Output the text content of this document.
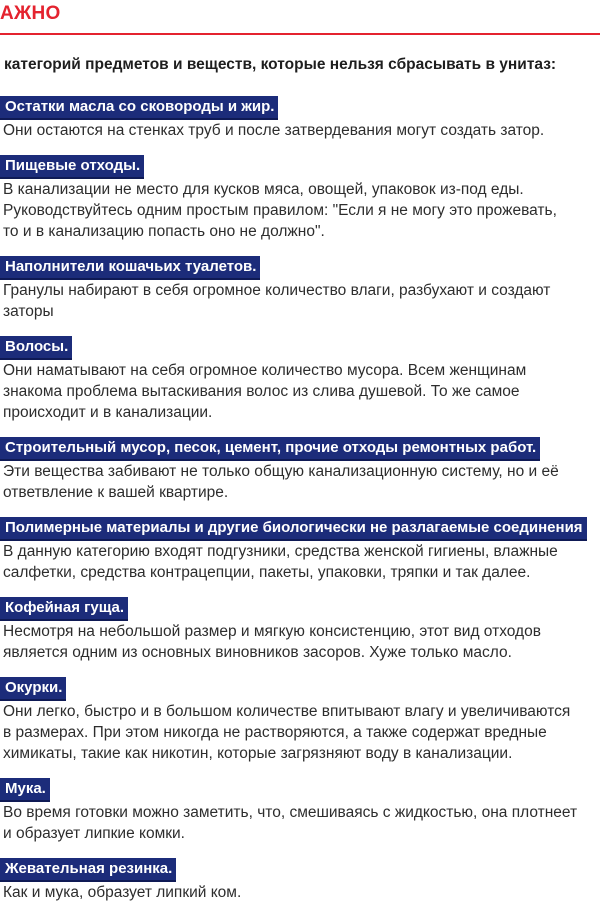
АЖНО
категорий предметов и веществ, которые нельзя сбрасывать в унитаз:
Остатки масла со сковороды и жир.
Они остаются на стенках труб и после затвердевания могут создать затор.
Пищевые отходы.
В канализации не место для кусков мяса, овощей, упаковок из-под еды.
Руководствуйтесь одним простым правилом: "Если я не могу это прожевать,
то и в канализацию попасть оно не должно".
Наполнители кошачьих туалетов.
Гранулы набирают в себя огромное количество влаги, разбухают и создают заторы
Волосы.
Они наматывают на себя огромное количество мусора. Всем женщинам
знакома проблема вытаскивания волос из слива душевой. То же самое
происходит и в канализации.
Строительный мусор, песок, цемент, прочие отходы ремонтных работ.
Эти вещества забивают не только общую канализационную систему, но и её
ответвление к вашей квартире.
Полимерные материалы и другие биологически не разлагаемые соединения
В данную категорию входят подгузники, средства женской гигиены, влажные
салфетки, средства контрацепции, пакеты, упаковки, тряпки и так далее.
Кофейная гуща.
Несмотря на небольшой размер и мягкую консистенцию, этот вид отходов
является одним из основных виновников засоров. Хуже только масло.
Окурки.
Они легко, быстро и в большом количестве впитывают влагу и увеличиваются
в размерах. При этом никогда не растворяются, а также содержат вредные
химикаты, такие как никотин, которые загрязняют воду в канализации.
Мука.
Во время готовки можно заметить, что, смешиваясь с жидкостью, она плотнеет
и образует липкие комки.
Жевательная резинка.
Как и мука, образует липкий ком.
